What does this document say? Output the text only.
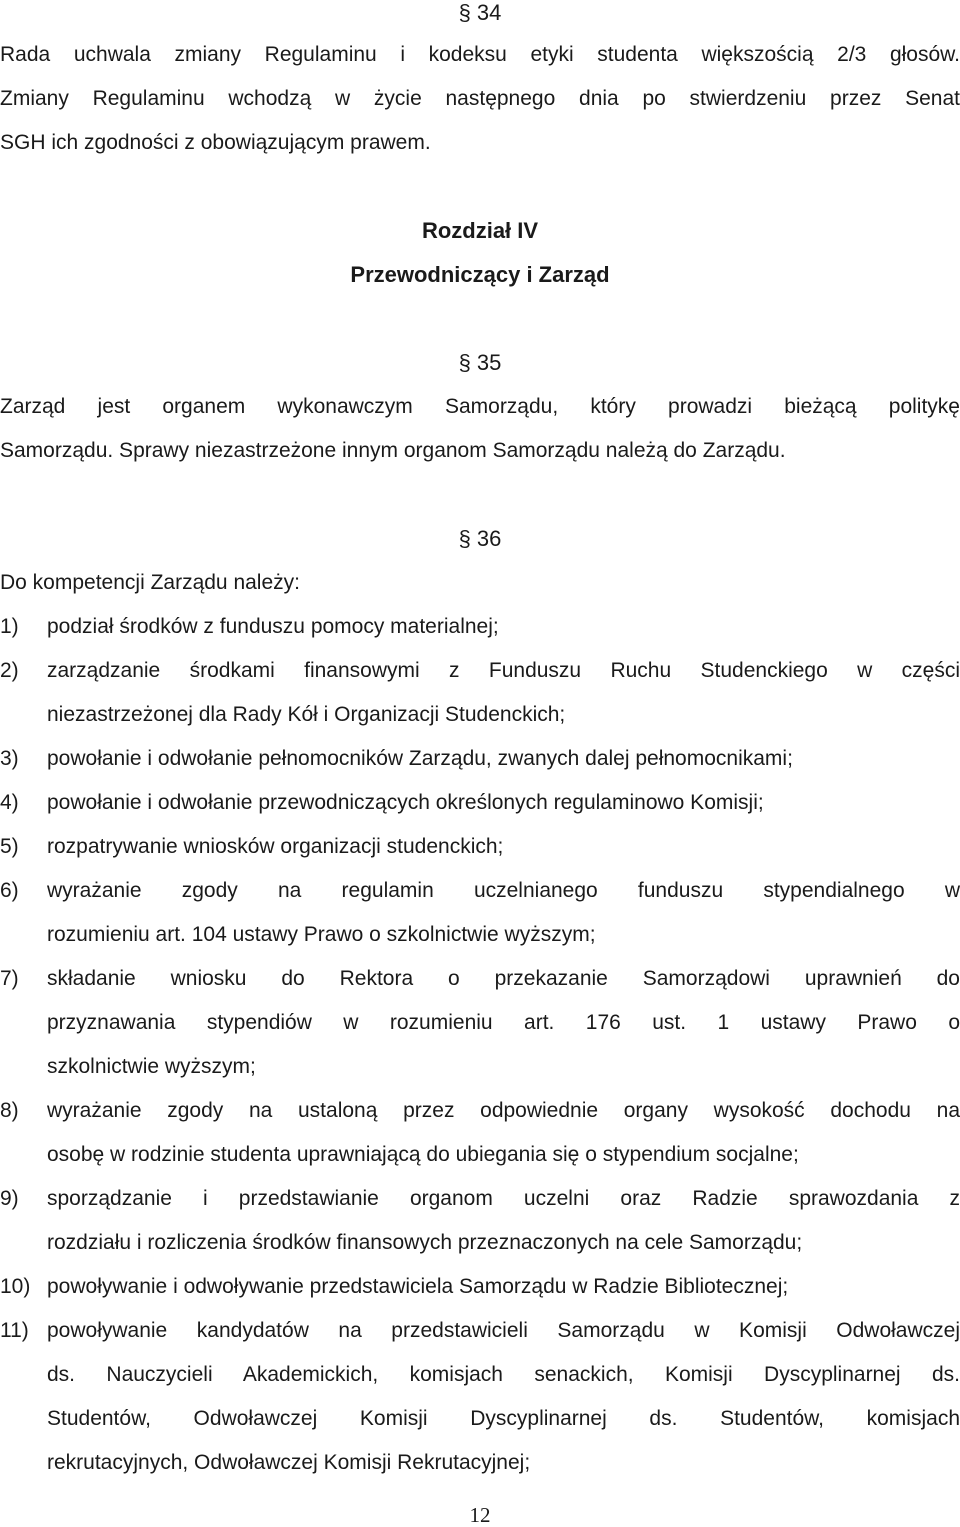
§ 34
Rada uchwala zmiany Regulaminu i kodeksu etyki studenta większością 2/3 głosów.
Zmiany Regulaminu wchodzą w życie następnego dnia po stwierdzeniu przez Senat
SGH ich zgodności z obowiązującym prawem.
Rozdział IV
Przewodniczący i Zarząd
§ 35
Zarząd jest organem wykonawczym Samorządu, który prowadzi bieżącą politykę
Samorządu. Sprawy niezastrzeżone innym organom Samorządu należą do Zarządu.
§ 36
Do kompetencji Zarządu należy:
1) podział środków z funduszu pomocy materialnej;
2) zarządzanie środkami finansowymi z Funduszu Ruchu Studenckiego w części
niezastrzeżonej dla Rady Kół i Organizacji Studenckich;
3) powołanie i odwołanie pełnomocników Zarządu, zwanych dalej pełnomocnikami;
4) powołanie i odwołanie przewodniczących określonych regulaminowo Komisji;
5) rozpatrywanie wniosków organizacji studenckich;
6) wyrażanie zgody na regulamin uczelnianego funduszu stypendialnego w
rozumieniu art. 104 ustawy Prawo o szkolnictwie wyższym;
7) składanie wniosku do Rektora o przekazanie Samorządowi uprawnień do
przyznawania stypendiów w rozumieniu art. 176 ust. 1 ustawy Prawo o
szkolnictwie wyższym;
8) wyrażanie zgody na ustaloną przez odpowiednie organy wysokość dochodu na
osobę w rodzinie studenta uprawniającą do ubiegania się o stypendium socjalne;
9) sporządzanie i przedstawianie organom uczelni oraz Radzie sprawozdania z
rozdziału i rozliczenia środków finansowych przeznaczonych na cele Samorządu;
10) powoływanie i odwoływanie przedstawiciela Samorządu w Radzie Bibliotecznej;
11) powoływanie kandydatów na przedstawicieli Samorządu w Komisji Odwoławczej
ds. Nauczycieli Akademickich, komisjach senackich, Komisji Dyscyplinarnej ds.
Studentów, Odwoławczej Komisji Dyscyplinarnej ds. Studentów, komisjach
rekrutacyjnych, Odwoławczej Komisji Rekrutacyjnej;
12
